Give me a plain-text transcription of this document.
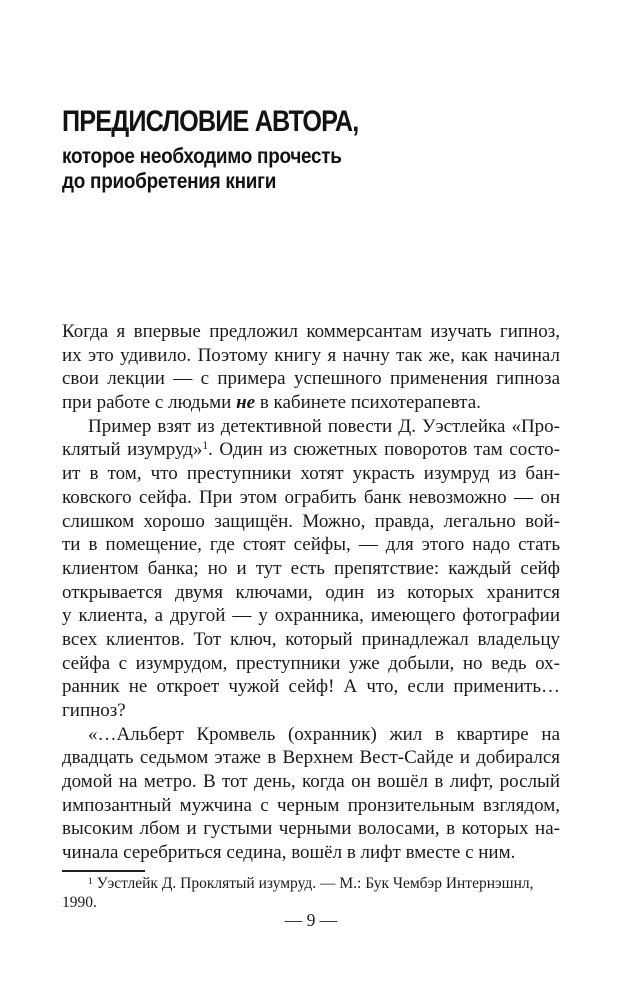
ПРЕДИСЛОВИЕ АВТОРА,
которое необходимо прочесть
до приобретения книги
Когда я впервые предложил коммерсантам изучать гипноз,
их это удивило. Поэтому книгу я начну так же, как начинал
свои лекции — с примера успешного применения гипноза
при работе с людьми не в кабинете психотерапевта.
Пример взят из детективной повести Д. Уэстлейка «Про-
клятый изумруд»$^1$. Один из сюжетных поворотов там состо-
ит в том, что преступники хотят украсть изумруд из бан-
ковского сейфа. При этом ограбить банк невозможно — он
слишком хорошо защищён. Можно, правда, легально вой-
ти в помещение, где стоят сейфы, — для этого надо стать
клиентом банка; но и тут есть препятствие: каждый сейф
открывается двумя ключами, один из которых хранится
у клиента, а другой — у охранника, имеющего фотографии
всех клиентов. Тот ключ, который принадлежал владельцу
сейфа с изумрудом, преступники уже добыли, но ведь ох-
ранник не откроет чужой сейф! А что, если применить…
гипноз?
«…Альберт Кромвель (охранник) жил в квартире на
двадцать седьмом этаже в Верхнем Вест-Сайде и добирался
домой на метро. В тот день, когда он вошёл в лифт, рослый
импозантный мужчина с черным пронзительным взглядом,
высоким лбом и густыми черными волосами, в которых на-
чинала серебриться седина, вошёл в лифт вместе с ним.
$^1$ Уэстлейк Д. Проклятый изумруд. — М.: Бук Чембэр Интернэшнл, 1990.
— 9 —
